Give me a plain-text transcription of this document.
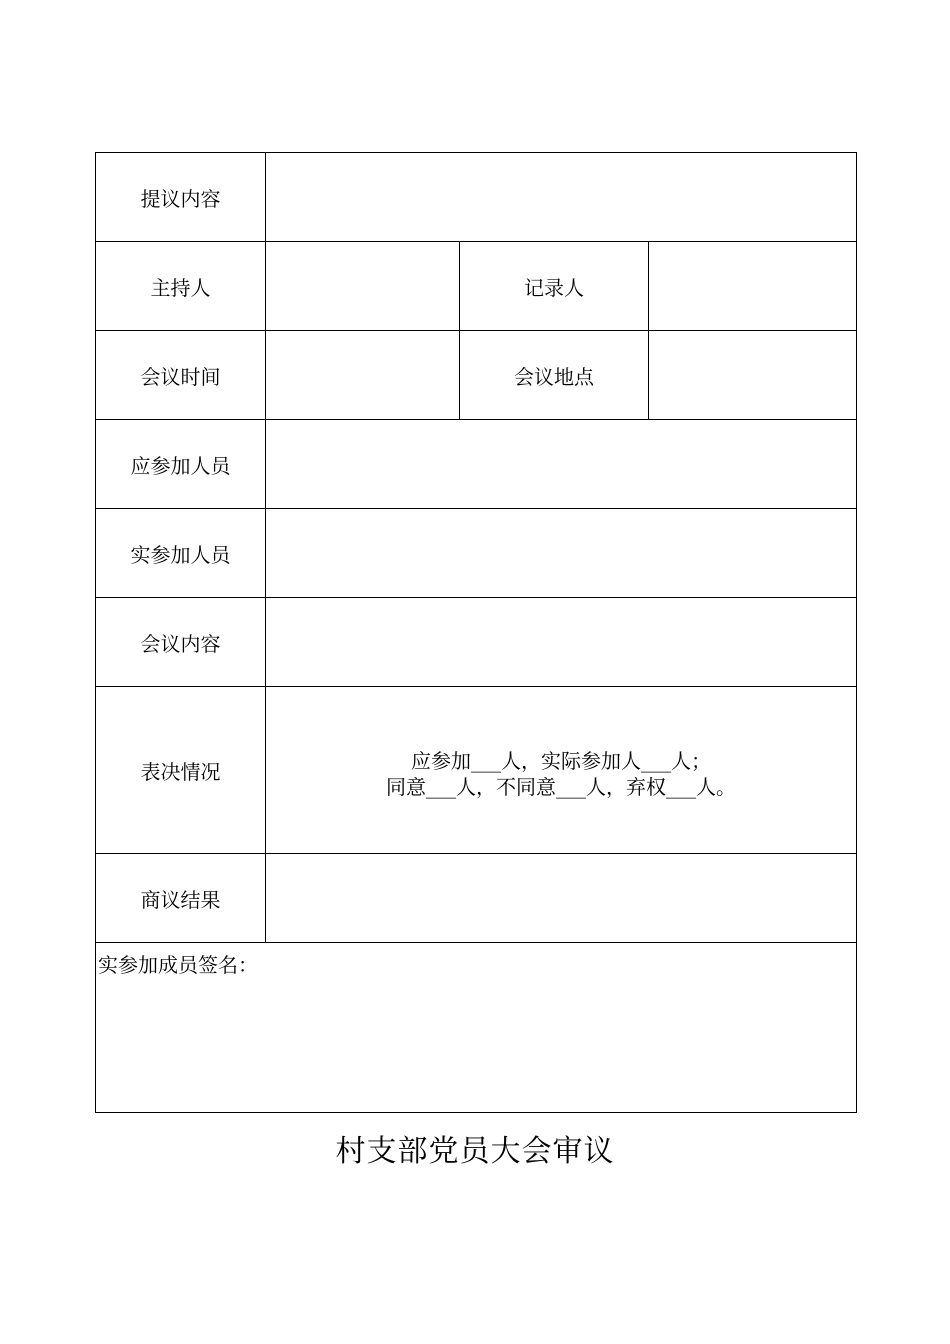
提议内容			
主持人		记录人	
会议时间		会议地点	
应参加人员			
实参加人员			
会议内容			
表决情况	应参加___人，实际参加人___人；
同意___人，不同意___人，弃权___人。		

商议结果			

实参加成员签名：			
村支部党员大会审议
